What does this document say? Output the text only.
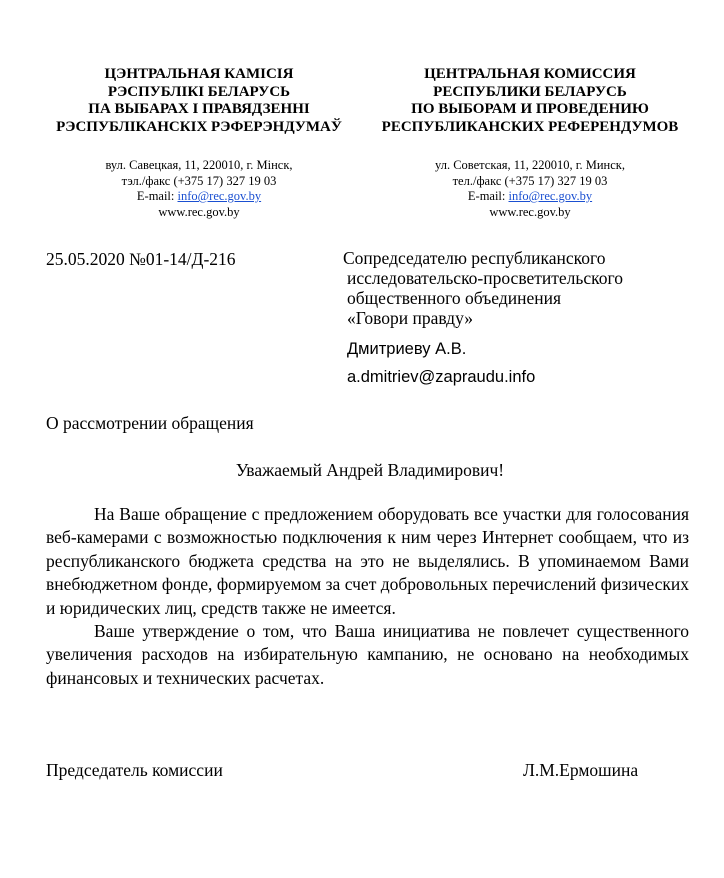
ЦЭНТРАЛЬНАЯ КАМІСІЯ
РЭСПУБЛІКІ БЕЛАРУСЬ
ПА ВЫБАРАХ І ПРАВЯДЗЕННІ
РЭСПУБЛІКАНСКІХ РЭФЕРЭНДУМАЎ
ЦЕНТРАЛЬНАЯ КОМИССИЯ
РЕСПУБЛИКИ БЕЛАРУСЬ
ПО ВЫБОРАМ И ПРОВЕДЕНИЮ
РЕСПУБЛИКАНСКИХ РЕФЕРЕНДУМОВ
вул. Савецкая, 11, 220010, г. Мінск,
тэл./факс (+375 17) 327 19 03
E-mail: info@rec.gov.by
www.rec.gov.by
ул. Советская, 11, 220010, г. Минск,
тел./факс (+375 17) 327 19 03
E-mail: info@rec.gov.by
www.rec.gov.by
25.05.2020 №01-14/Д-216	Сопредседателю республиканского
исследовательско-просветительского
общественного объединения
«Говори правду»
Дмитриеву А.В.
a.dmitriev@zapraudu.info
О рассмотрении обращения
Уважаемый Андрей Владимирович!

На Ваше обращение с предложением оборудовать все участки для голосования веб-камерами с возможностью подключения к ним через Интернет сообщаем, что из республиканского бюджета средства на это не выделялись. В упоминаемом Вами внебюджетном фонде, формируемом за счет добровольных перечислений физических и юридических лиц, средств также не имеется.

Ваше утверждение о том, что Ваша инициатива не повлечет существенного увеличения расходов на избирательную кампанию, не основано на необходимых финансовых и технических расчетах.

Председатель комиссии	Л.М.Ермошина
